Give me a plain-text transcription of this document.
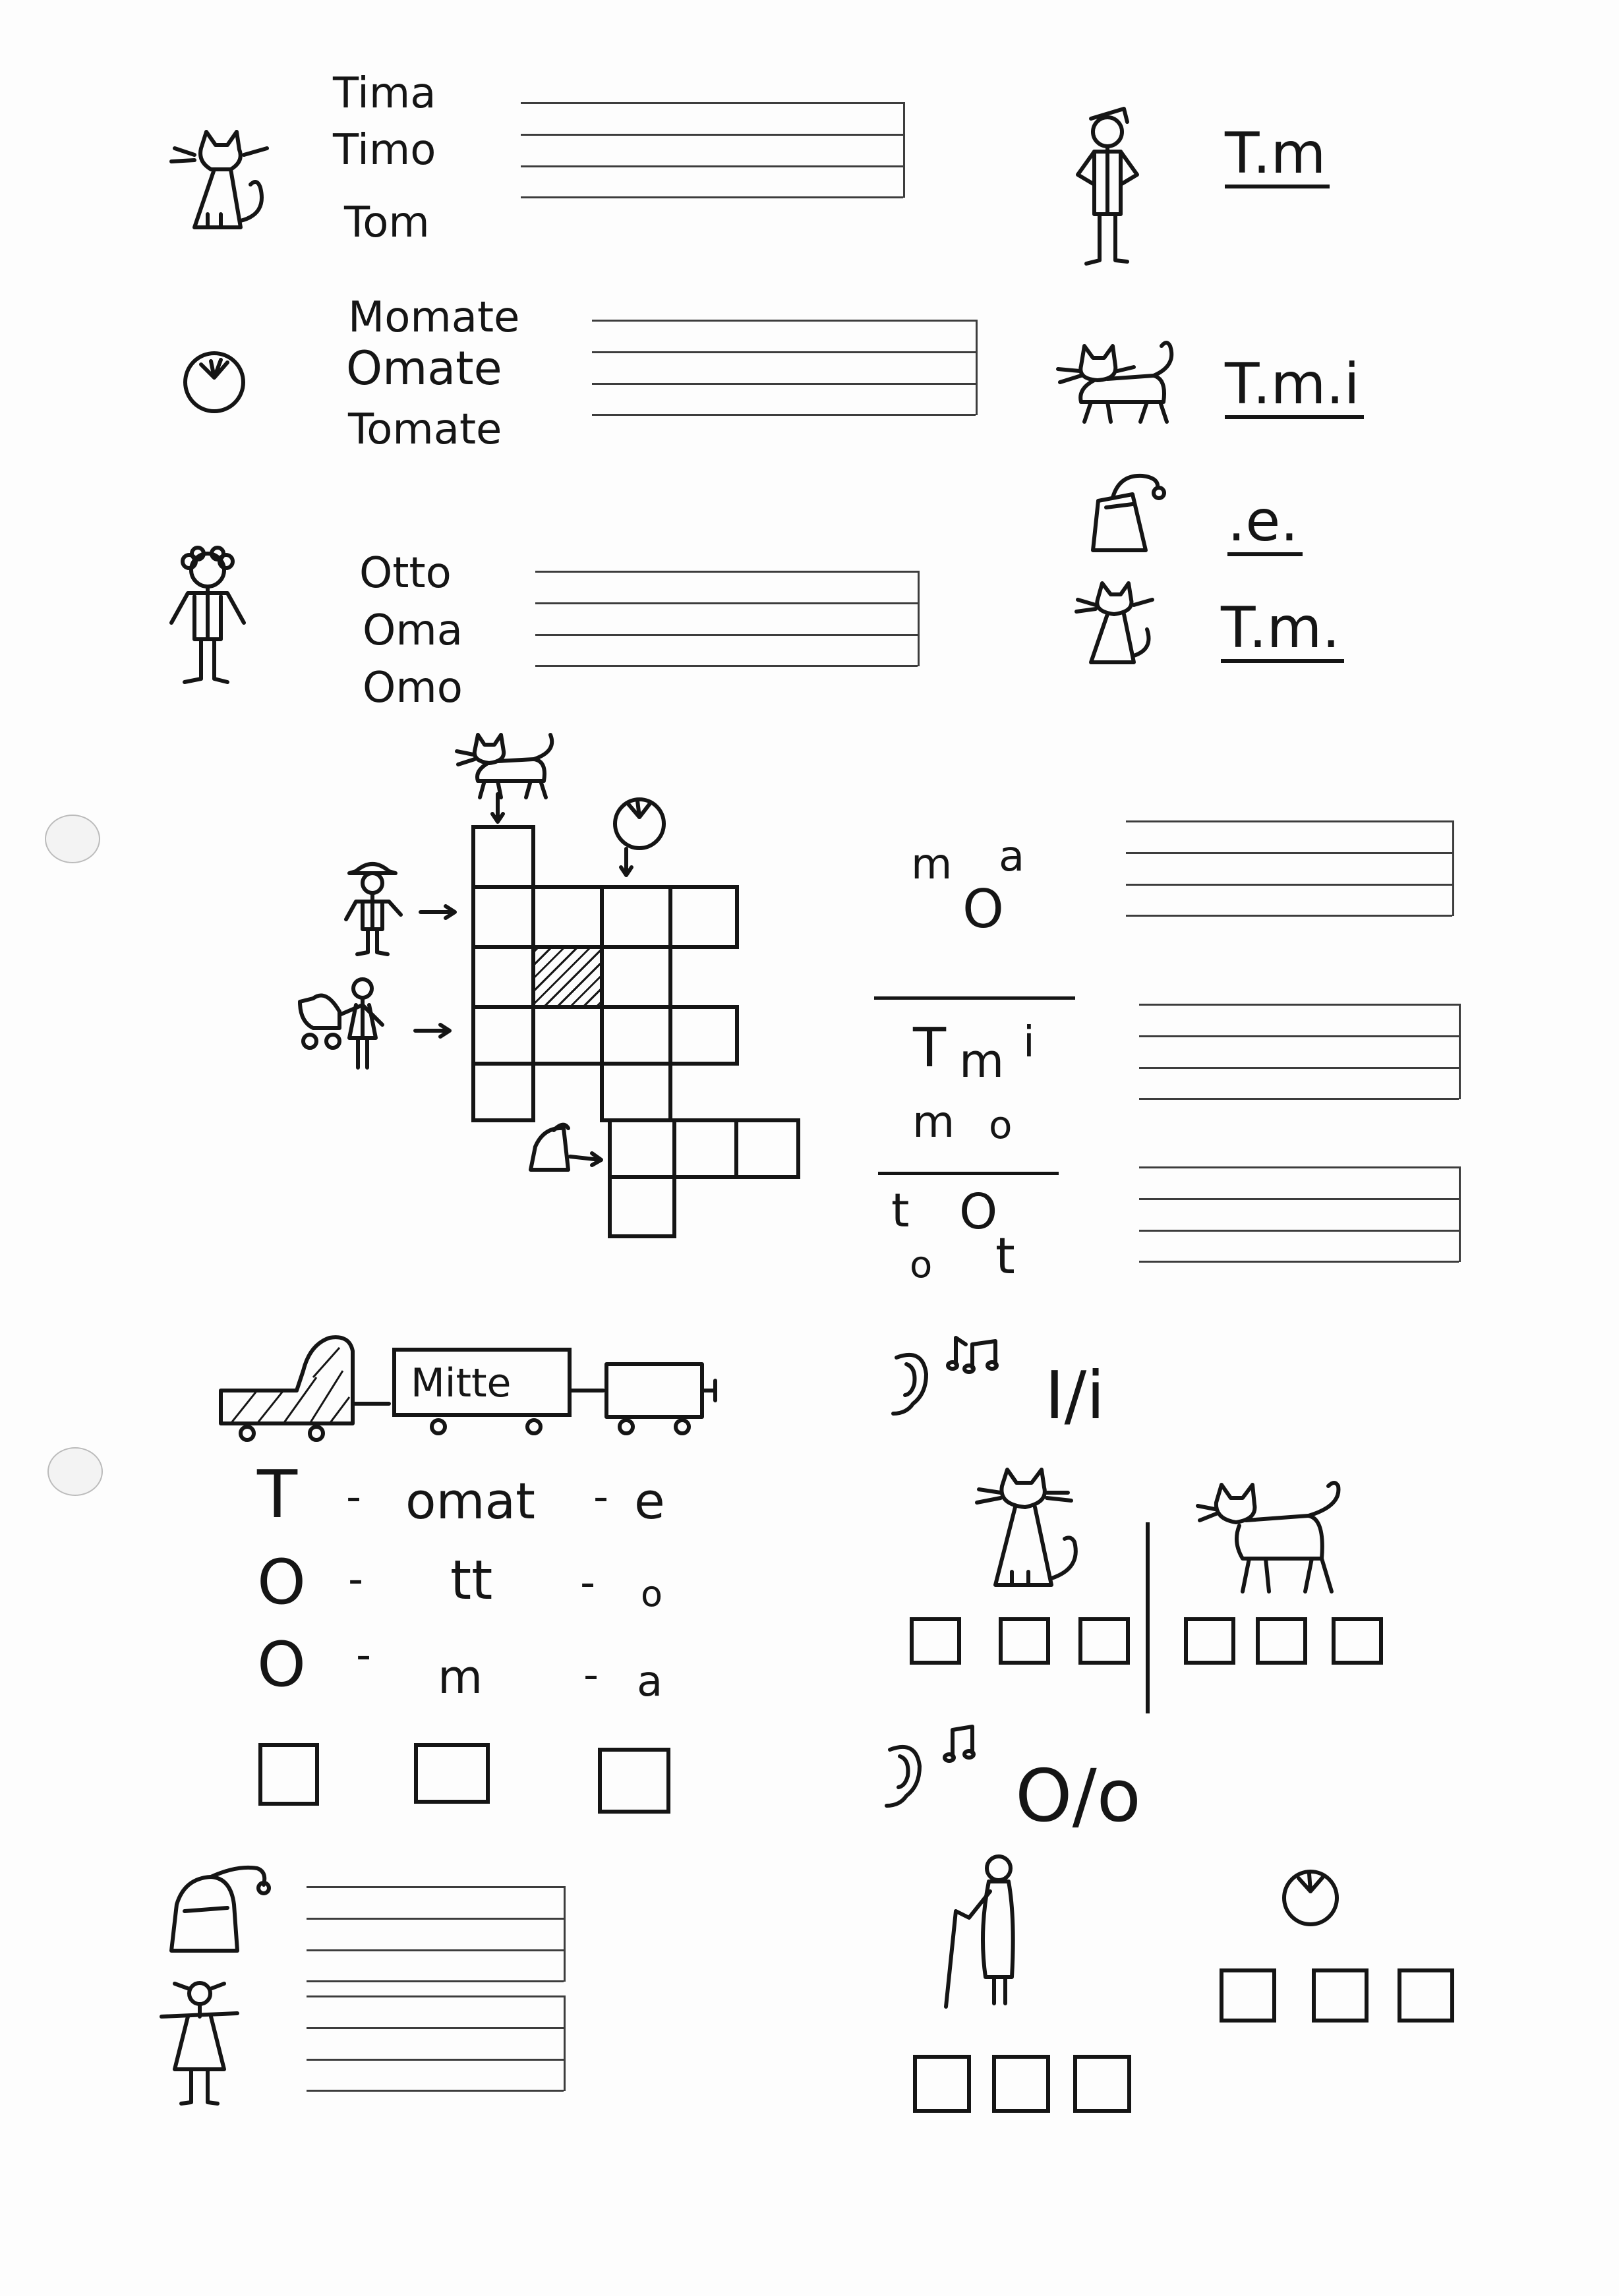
Tima
Timo
Tom
Momate
Omate
Tomate
Otto
Oma
Omo
T.m
T.m.i
.e.
T.m.
m a
O
T m i
m o
t O
o t
Mitte
T - omat - e
O - tt - o
O - m - a
I/i
O/o
